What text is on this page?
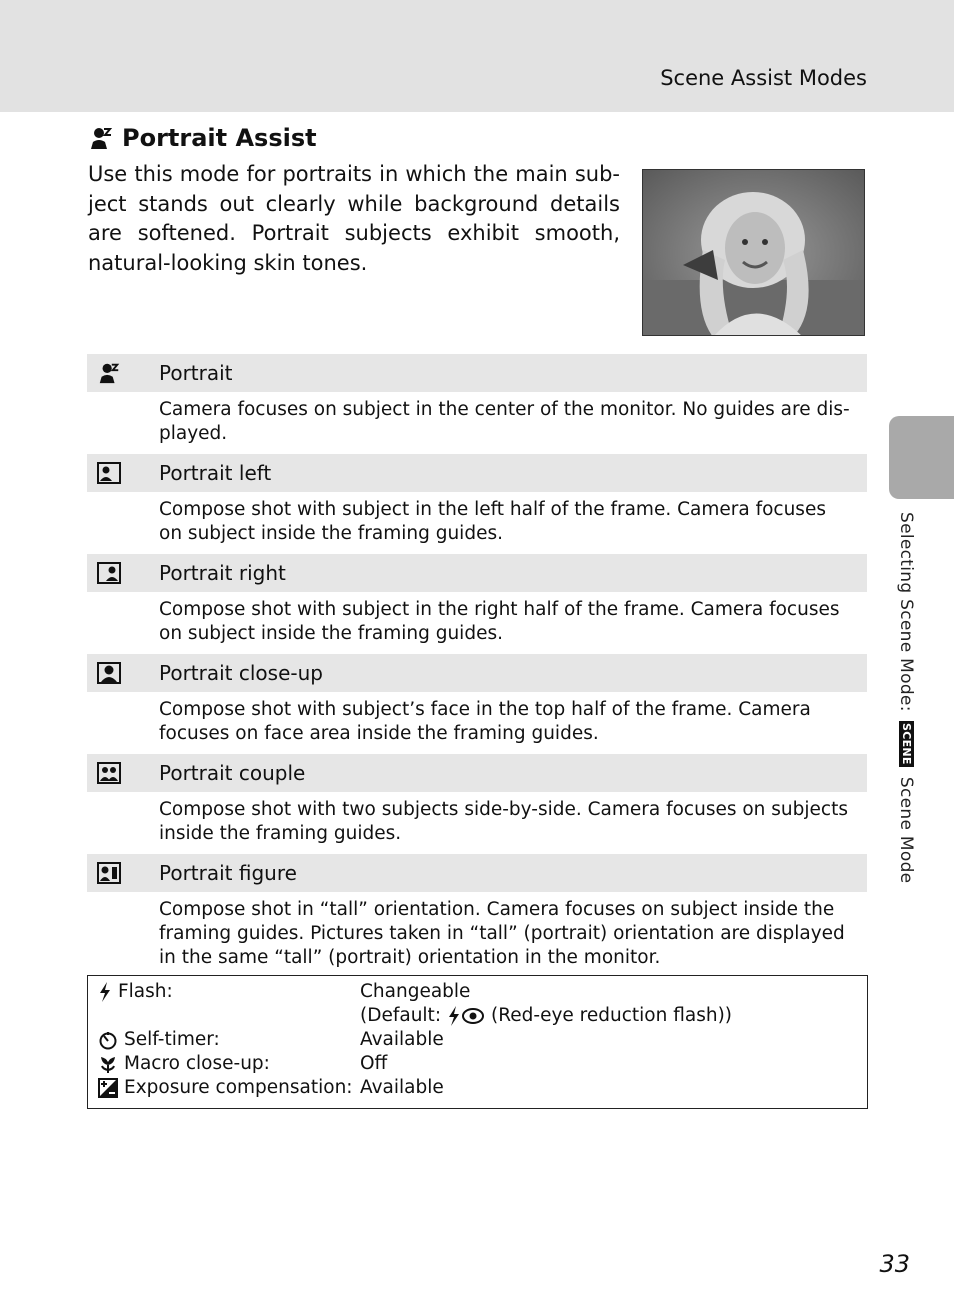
Scene Assist Modes
Portrait Assist
Use this mode for portraits in which the main sub-ject stands out clearly while background details are softened. Portrait subjects exhibit smooth, natural-looking skin tones.
Portrait
Camera focuses on subject in the center of the monitor. No guides are dis-played.
Portrait left
Compose shot with subject in the left half of the frame. Camera focuses on subject inside the framing guides.
Portrait right
Compose shot with subject in the right half of the frame. Camera focuses on subject inside the framing guides.
Portrait close-up
Compose shot with subject’s face in the top half of the frame. Camera focuses on face area inside the framing guides.
Portrait couple
Compose shot with two subjects side-by-side. Camera focuses on subjects inside the framing guides.
Portrait figure
Compose shot in “tall” orientation. Camera focuses on subject inside the framing guides. Pictures taken in “tall” (portrait) orientation are displayed in the same “tall” (portrait) orientation in the monitor.
Flash:	Changeable
(Default:	(Red-eye reduction flash))
Self-timer:	Available
Macro close-up:	Off
Exposure compensation: Available
Selecting Scene Mode: SCENE Scene Mode
33
